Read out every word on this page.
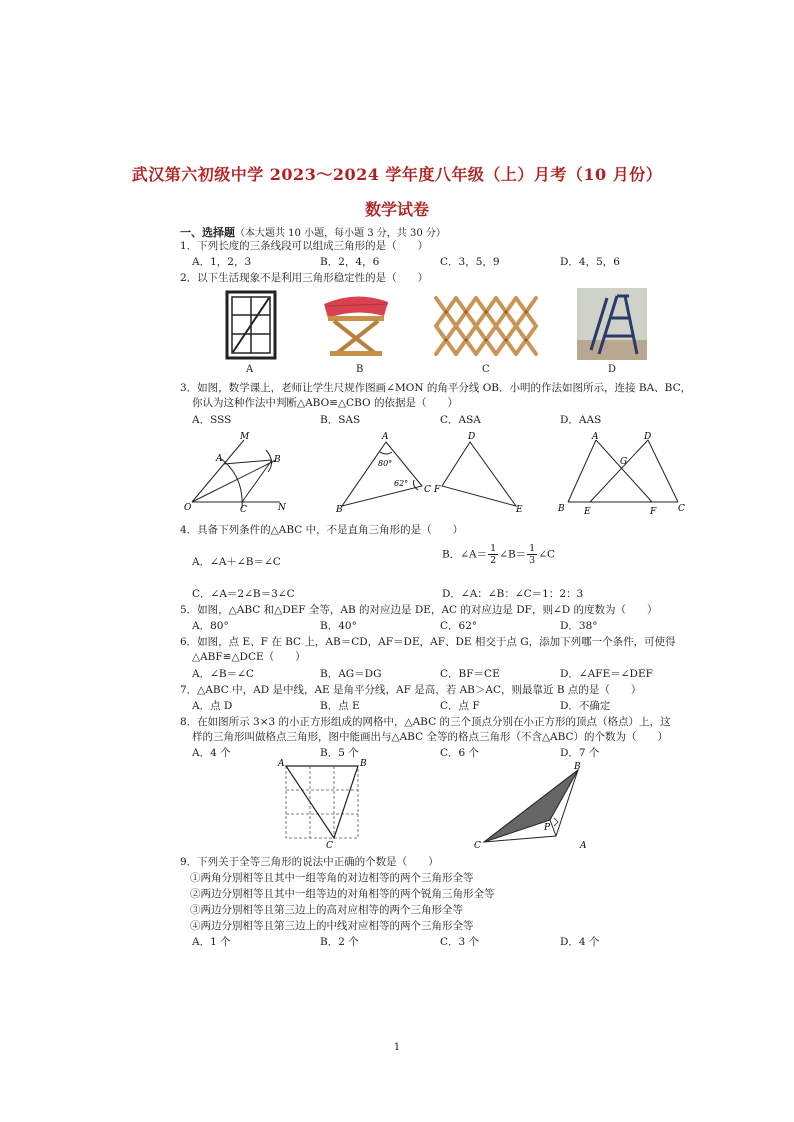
武汉第六初级中学 2023～2024 学年度八年级（上）月考（10 月份）
数学试卷
一、选择题（本大题共 10 小题，每小题 3 分，共 30 分）
1．下列长度的三条线段可以组成三角形的是（　　）
A．1，2，3	B．2，4，6	C．3，5，9	D．4，5，6
2．以下生活现象不是利用三角形稳定性的是（　　）
A	B	C	D
3．如图，数学课上，老师让学生尺规作图画∠MON 的角平分线 OB．小明的作法如图所示，连接 BA、BC，
你认为这种作法中判断△ABO≌△CBO 的依据是（　　）
A．SSS	B．SAS	C．ASA	D．AAS
M
A	B
O	C	N
A
B
C
80°
62°
D
F
E
A	D
G
B E	F C
4．具备下列条件的△ABC 中，不是直角三角形的是（　　）
A．∠A＋∠B＝∠C
B．∠A＝ $\frac{1}{2}$ ∠B＝ $\frac{1}{3}$ ∠C
C．∠A＝2∠B＝3∠C	D．∠A：∠B：∠C＝1：2：3
5．如图，△ABC 和△DEF 全等，AB 的对应边是 DE，AC 的对应边是 DF，则∠D 的度数为（　　）
A．80°	B．40°	C．62°	D．38°
6．如图，点 E、F 在 BC 上，AB＝CD，AF＝DE，AF、DE 相交于点 G，添加下列哪一个条件，可使得
△ABF≌△DCE（　　）
A．∠B＝∠C	B．AG＝DG	C．BF＝CE	D．∠AFE＝∠DEF
7．△ABC 中，AD 是中线，AE 是角平分线，AF 是高，若 AB＞AC，则最靠近 B 点的是（　　）
A．点 D	B．点 E	C．点 F	D．不确定
8．在如图所示 3×3 的小正方形组成的网格中，△ABC 的三个顶点分别在小正方形的顶点（格点）上，这
样的三角形叫做格点三角形，图中能画出与△ABC 全等的格点三角形（不含△ABC）的个数为（　　）
A．4 个	B．5 个	C．6 个	D．7 个
A	B
C
B
P
C	A
9．下列关于全等三角形的说法中正确的个数是（　　）
①两角分别相等且其中一组等角的对边相等的两个三角形全等
②两边分别相等且其中一组等边的对角相等的两个锐角三角形全等
③两边分别相等且第三边上的高对应相等的两个三角形全等
④两边分别相等且第三边上的中线对应相等的两个三角形全等
A．1 个	B．2 个	C．3 个	D．4 个
1
